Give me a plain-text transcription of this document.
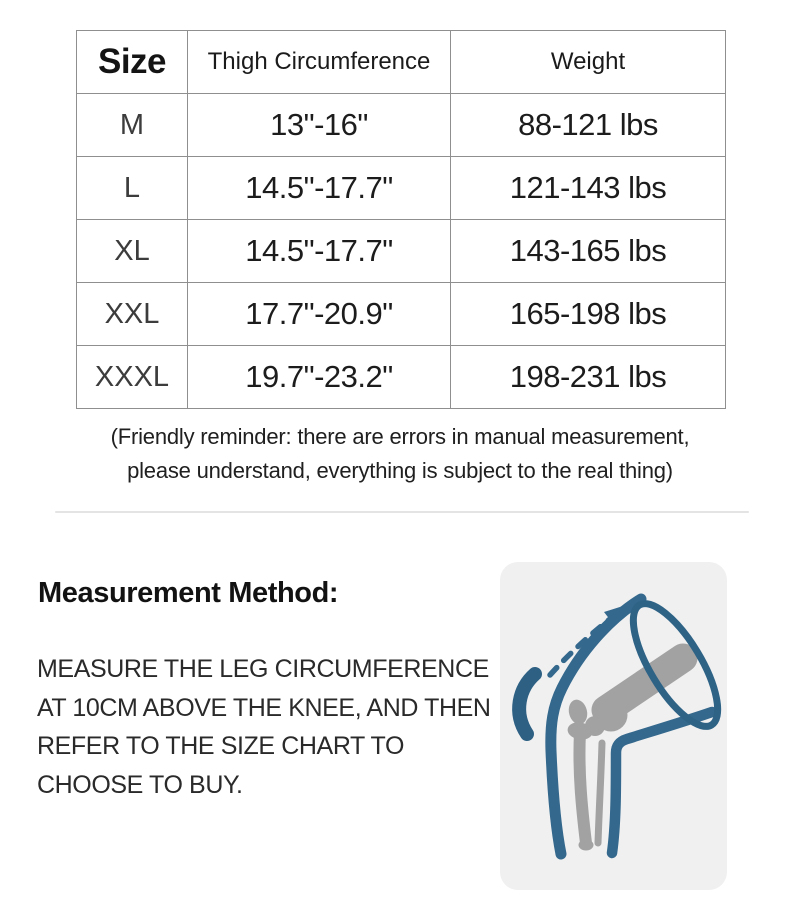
Size	Thigh Circumference	Weight
M	13"-16"	88-121 lbs
L	14.5"-17.7"	121-143 lbs
XL	14.5"-17.7"	143-165 lbs
XXL	17.7"-20.9"	165-198 lbs
XXXL	19.7"-23.2"	198-231 lbs
(Friendly reminder: there are errors in manual measurement,
please understand, everything is subject to the real thing)
Measurement Method:
MEASURE THE LEG CIRCUMFERENCE
AT 10CM ABOVE THE KNEE, AND THEN
REFER TO THE SIZE CHART TO
CHOOSE TO BUY.
